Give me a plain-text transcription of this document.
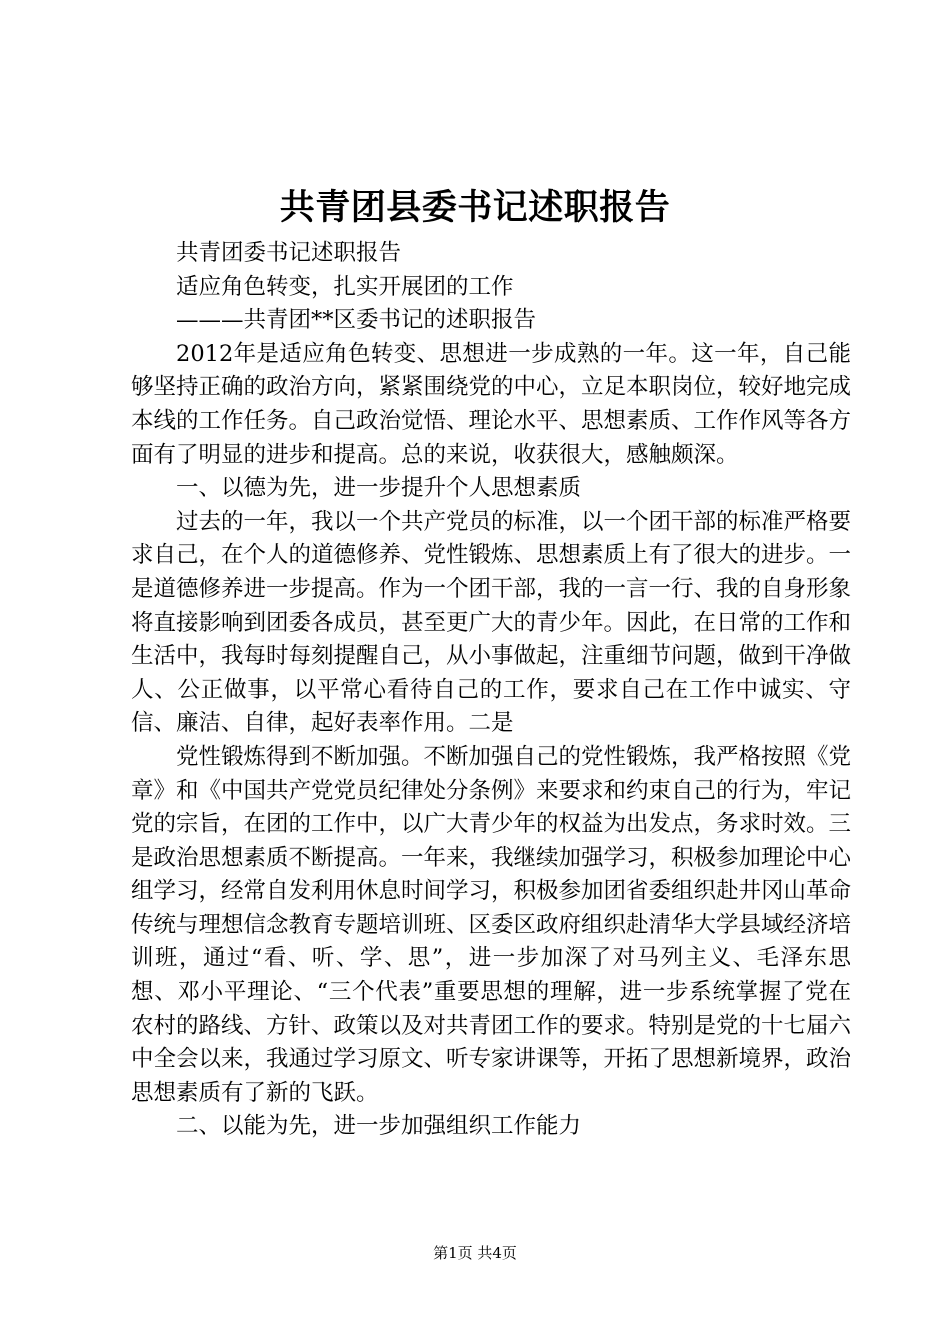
共青团县委书记述职报告

共青团委书记述职报告

适应角色转变，扎实开展团的工作

———共青团**区委书记的述职报告

2012年是适应角色转变、思想进一步成熟的一年。这一年，自己能够坚持正确的政治方向，紧紧围绕党的中心，立足本职岗位，较好地完成本线的工作任务。自己政治觉悟、理论水平、思想素质、工作作风等各方面有了明显的进步和提高。总的来说，收获很大，感触颇深。

一、以德为先，进一步提升个人思想素质

过去的一年，我以一个共产党员的标准，以一个团干部的标准严格要求自己，在个人的道德修养、党性锻炼、思想素质上有了很大的进步。一是道德修养进一步提高。作为一个团干部，我的一言一行、我的自身形象将直接影响到团委各成员，甚至更广大的青少年。因此，在日常的工作和生活中，我每时每刻提醒自己，从小事做起，注重细节问题，做到干净做人、公正做事，以平常心看待自己的工作，要求自己在工作中诚实、守信、廉洁、自律，起好表率作用。二是

党性锻炼得到不断加强。不断加强自己的党性锻炼，我严格按照《党章》和《中国共产党党员纪律处分条例》来要求和约束自己的行为，牢记党的宗旨，在团的工作中，以广大青少年的权益为出发点，务求时效。三是政治思想素质不断提高。一年来，我继续加强学习，积极参加理论中心组学习，经常自发利用休息时间学习，积极参加团省委组织赴井冈山革命传统与理想信念教育专题培训班、区委区政府组织赴清华大学县域经济培训班，通过“看、听、学、思”，进一步加深了对马列主义、毛泽东思想、邓小平理论、“三个代表”重要思想的理解，进一步系统掌握了党在农村的路线、方针、政策以及对共青团工作的要求。特别是党的十七届六中全会以来，我通过学习原文、听专家讲课等，开拓了思想新境界，政治思想素质有了新的飞跃。

二、以能为先，进一步加强组织工作能力

第1页 共4页
